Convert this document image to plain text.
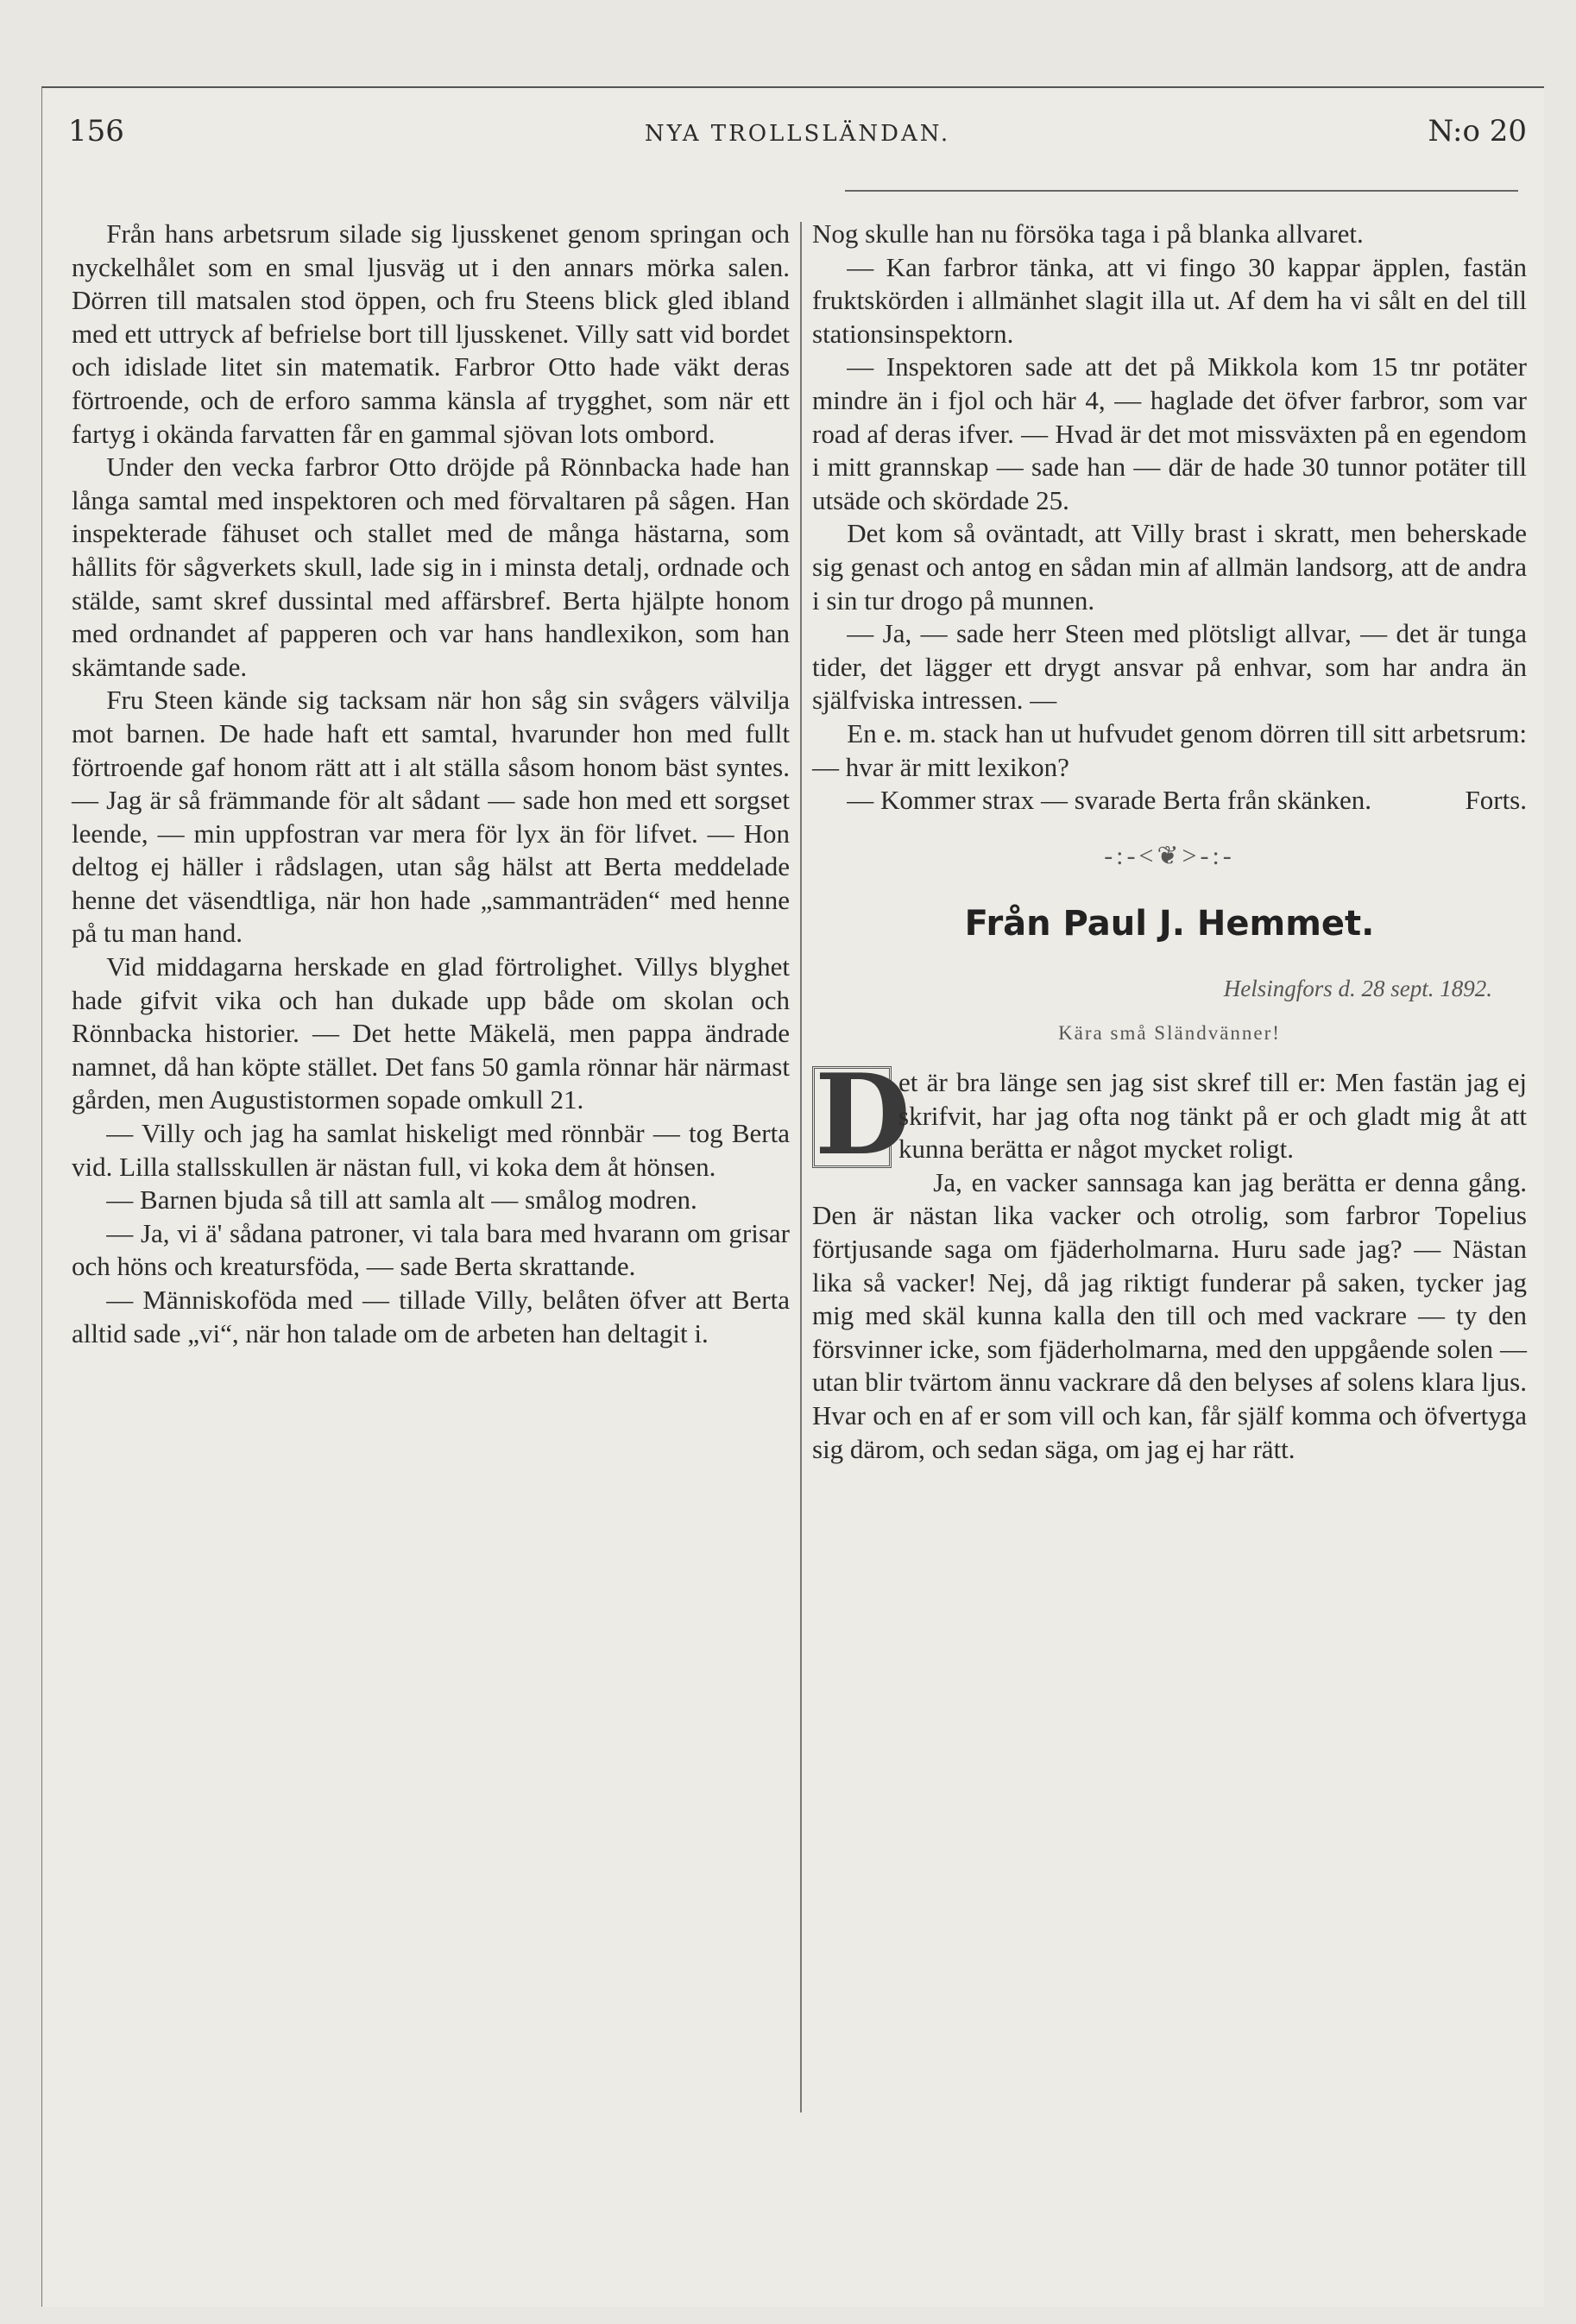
156	NYA TROLLSLÄNDAN.	N:o 20

Från hans arbetsrum silade sig ljusskenet genom springan och nyckelhålet som en smal ljusväg ut i den annars mörka salen. Dörren till matsalen stod öppen, och fru Steens blick gled ibland med ett uttryck af befrielse bort till ljusskenet. Villy satt vid bordet och idislade litet sin matematik. Farbror Otto hade väkt deras förtroende, och de erforo samma känsla af trygghet, som när ett fartyg i okända farvatten får en gammal sjövan lots ombord.

Under den vecka farbror Otto dröjde på Rönnbacka hade han långa samtal med inspektoren och med förvaltaren på sågen. Han inspekterade fähuset och stallet med de många hästarna, som hållits för sågverkets skull, lade sig in i minsta detalj, ordnade och stälde, samt skref dussintal med affärsbref. Berta hjälpte honom med ordnandet af papperen och var hans handlexikon, som han skämtande sade.

Fru Steen kände sig tacksam när hon såg sin svågers välvilja mot barnen. De hade haft ett samtal, hvarunder hon med fullt förtroende gaf honom rätt att i alt ställa såsom honom bäst syntes. — Jag är så främmande för alt sådant — sade hon med ett sorgset leende, — min uppfostran var mera för lyx än för lifvet. — Hon deltog ej häller i rådslagen, utan såg hälst att Berta meddelade henne det väsendtliga, när hon hade „sammanträden“ med henne på tu man hand.

Vid middagarna herskade en glad förtrolighet. Villys blyghet hade gifvit vika och han dukade upp både om skolan och Rönnbacka historier. — Det hette Mäkelä, men pappa ändrade namnet, då han köpte stället. Det fans 50 gamla rönnar här närmast gården, men Augustistormen sopade omkull 21.

— Villy och jag ha samlat hiskeligt med rönnbär — tog Berta vid. Lilla stallsskullen är nästan full, vi koka dem åt hönsen.

— Barnen bjuda så till att samla alt — smålog modren.

— Ja, vi ä' sådana patroner, vi tala bara med hvarann om grisar och höns och kreatursföda, — sade Berta skrattande.

— Människoföda med — tillade Villy, belåten öfver att Berta alltid sade „vi“, när hon talade om de arbeten han deltagit i.

Nog skulle han nu försöka taga i på blanka allvaret.

— Kan farbror tänka, att vi fingo 30 kappar äpplen, fastän fruktskörden i allmänhet slagit illa ut. Af dem ha vi sålt en del till stationsinspektorn.

— Inspektoren sade att det på Mikkola kom 15 tnr potäter mindre än i fjol och här 4, — haglade det öfver farbror, som var road af deras ifver. — Hvad är det mot missväxten på en egendom i mitt grannskap — sade han — där de hade 30 tunnor potäter till utsäde och skördade 25.

Det kom så oväntadt, att Villy brast i skratt, men beherskade sig genast och antog en sådan min af allmän landsorg, att de andra i sin tur drogo på munnen.

— Ja, — sade herr Steen med plötsligt allvar, — det är tunga tider, det lägger ett drygt ansvar på enhvar, som har andra än själfviska intressen. —

En e. m. stack han ut hufvudet genom dörren till sitt arbetsrum: — hvar är mitt lexikon?

— Kommer strax — svarade Berta från skänken.	Forts.

-:-<❦>-:-
Från Paul J. Hemmet.
Helsingfors d. 28 sept. 1892.
Kära små Sländvänner!

D
et är bra länge sen jag sist skref till er: Men fastän jag ej skrifvit, har jag ofta nog tänkt på er och gladt mig åt att kunna berätta er något mycket roligt.

Ja, en vacker sannsaga kan jag berätta er denna gång. Den är nästan lika vacker och otrolig, som farbror Topelius förtjusande saga om fjäderholmarna. Huru sade jag? — Nästan lika så vacker! Nej, då jag riktigt funderar på saken, tycker jag mig med skäl kunna kalla den till och med vackrare — ty den försvinner icke, som fjäderholmarna, med den uppgående solen — utan blir tvärtom ännu vackrare då den belyses af solens klara ljus. Hvar och en af er som vill och kan, får själf komma och öfvertyga sig därom, och sedan säga, om jag ej har rätt.
